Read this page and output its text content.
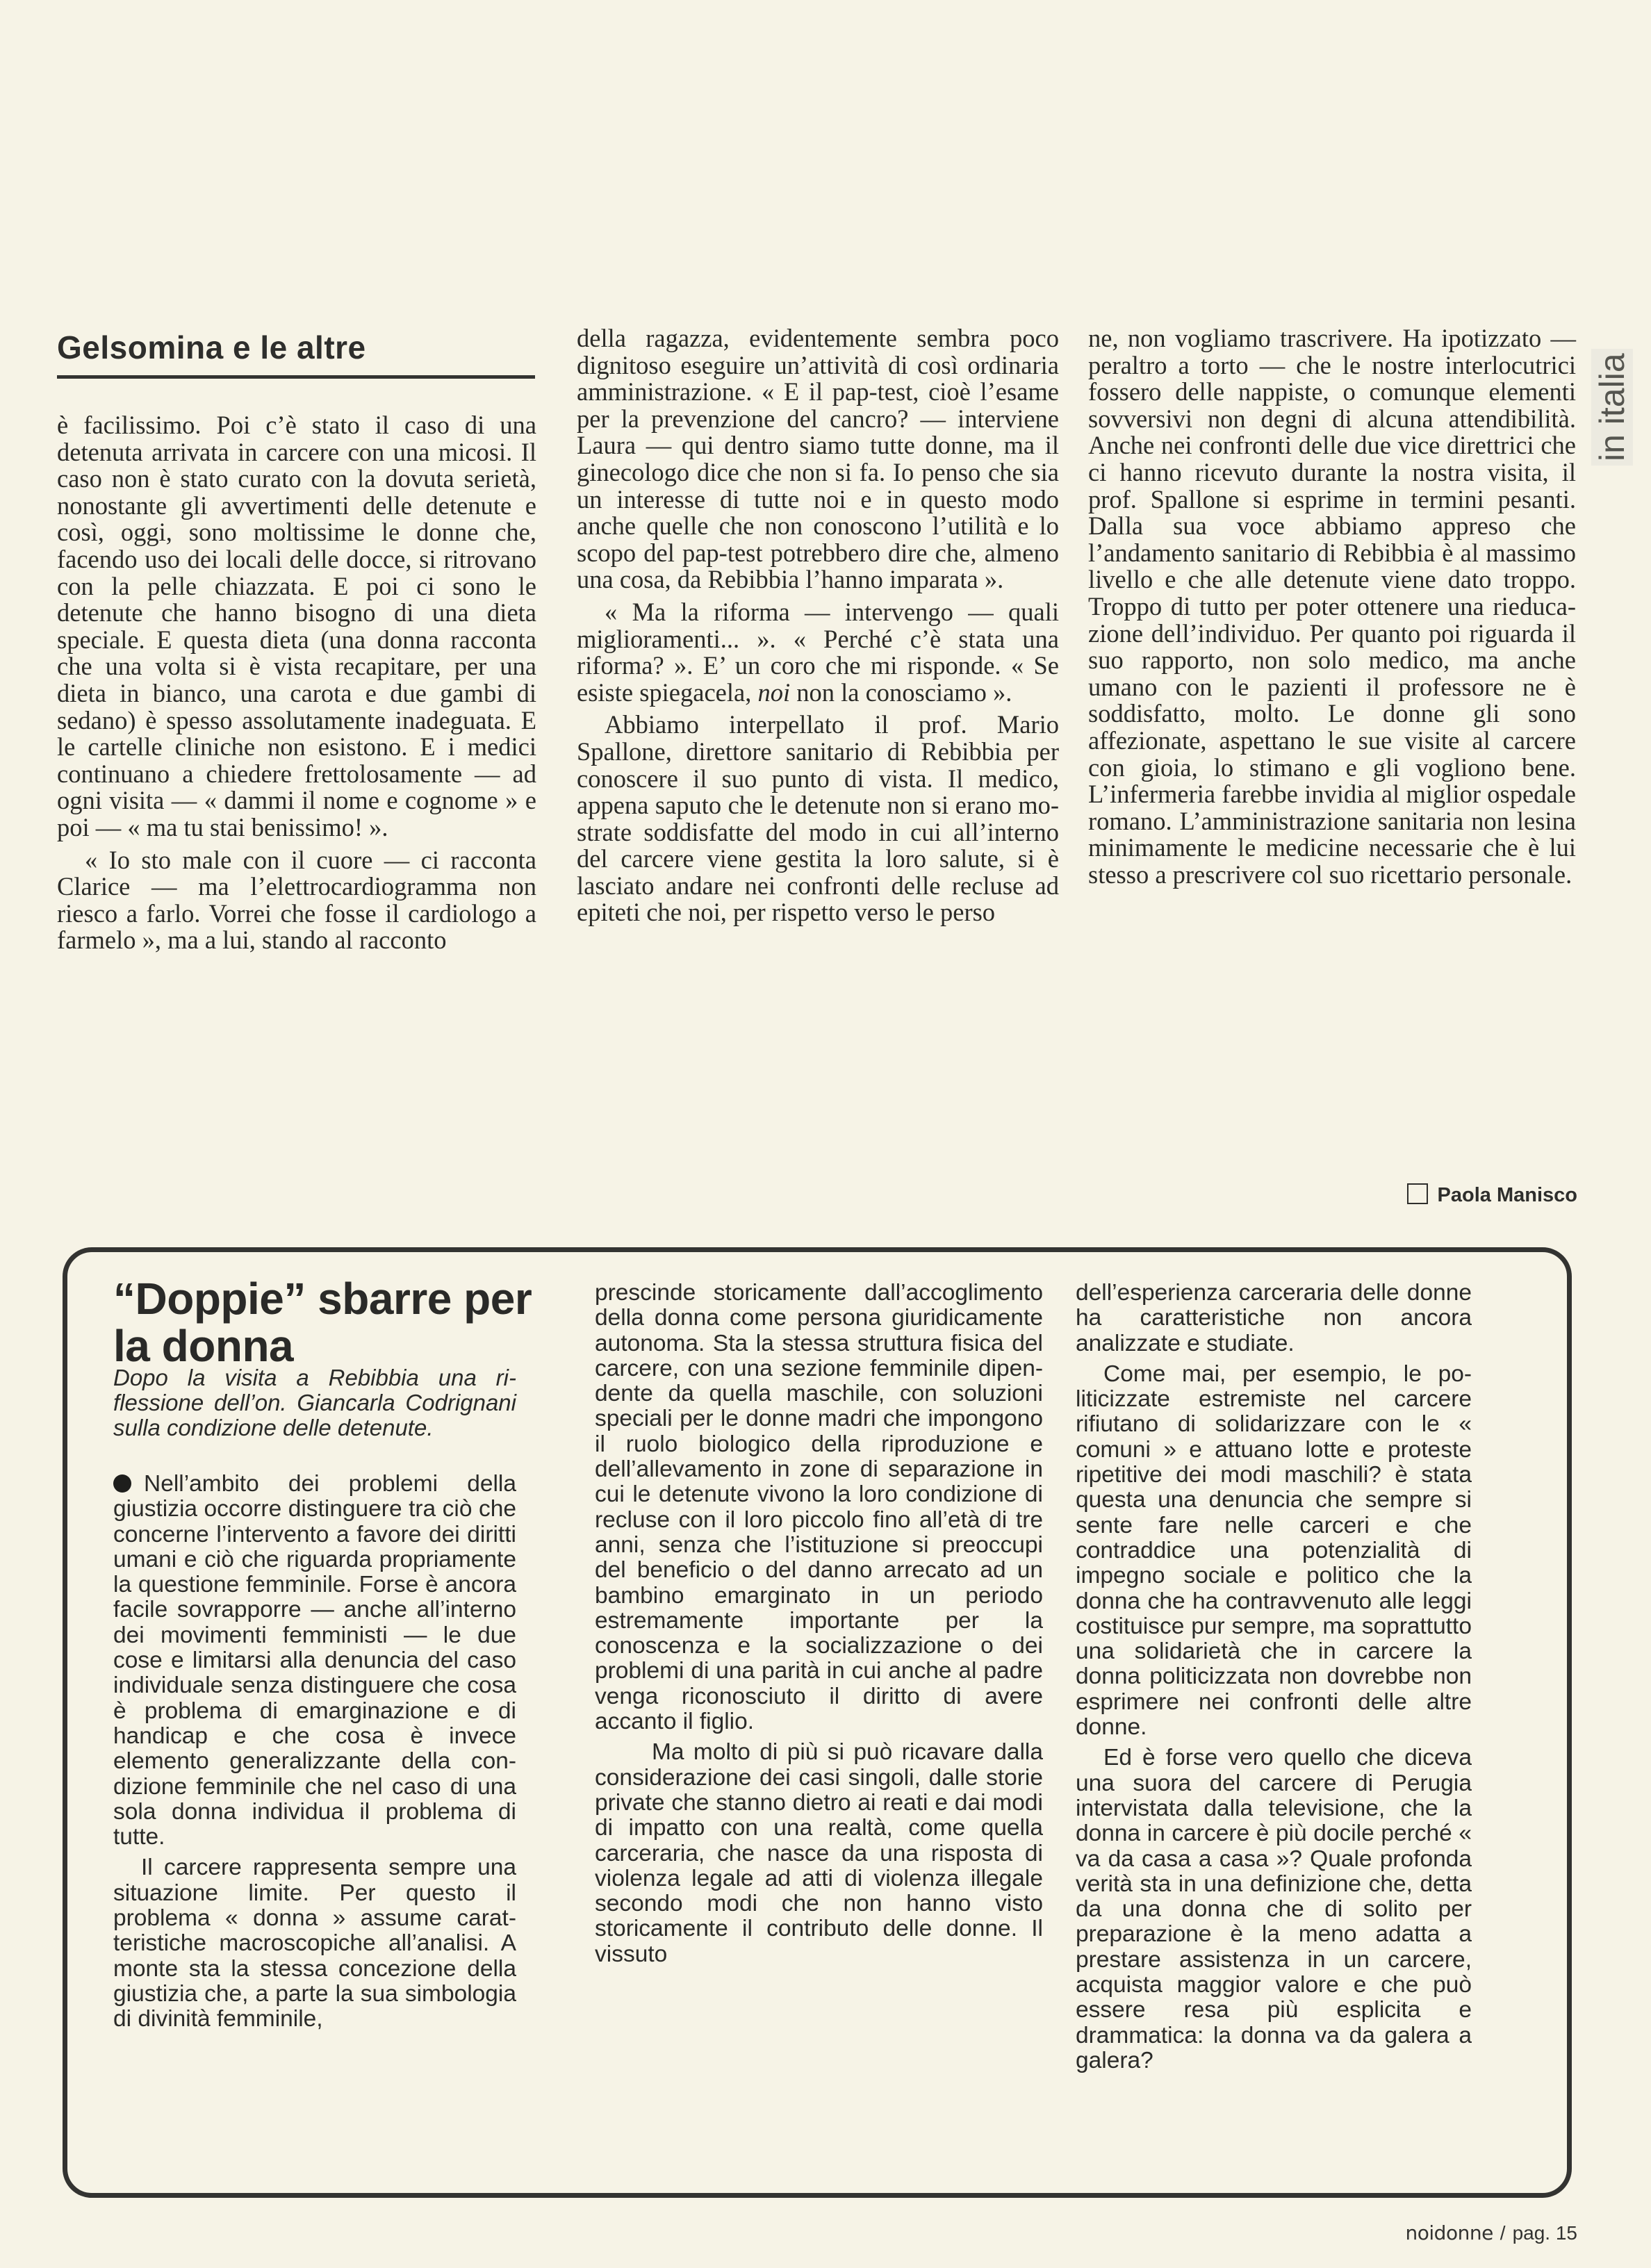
in italia
Gelsomina e le altre

è facilissimo. Poi c’è stato il caso di una detenuta arrivata in carcere con una micosi. Il caso non è stato curato con la dovuta serietà, nonostante gli avvertimenti delle detenute e così, oggi, sono moltissime le donne che, facendo uso dei locali delle docce, si ritrovano con la pelle chiazzata. E poi ci sono le detenute che hanno bisogno di una dieta speciale. E questa dieta (una donna racconta che una volta si è vista recapitare, per una dieta in bianco, una carota e due gambi di sedano) è spesso assolutamente inadeguata. E le cartelle cliniche non esistono. E i medici continuano a chiedere frettolosamente — ad ogni visita — « dammi il nome e cognome » e poi — « ma tu stai benissimo! ».

« Io sto male con il cuore — ci racconta Clarice — ma l’elettrocardiogramma non riesco a farlo. Vorrei che fosse il cardiologo a farmelo », ma a lui, stando al racconto

della ragazza, evidentemente sembra poco dignitoso eseguire un’attività di così ordinaria amministrazione. « E il pap-test, cioè l’esame per la prevenzione del cancro? — interviene Laura — qui dentro siamo tutte donne, ma il ginecologo dice che non si fa. Io penso che sia un interesse di tutte noi e in questo modo anche quelle che non conoscono l’utilità e lo scopo del pap-test potrebbero dire che, almeno una cosa, da Rebibbia l’hanno imparata ».

« Ma la riforma — intervengo — quali miglioramenti... ». « Perché c’è stata una riforma? ». E’ un coro che mi risponde. « Se esiste spiegacela, noi non la conosciamo ».

Abbiamo interpellato il prof. Mario Spallone, direttore sanitario di Rebibbia per conoscere il suo punto di vista. Il medico, appena saputo che le detenute non si erano mostrate soddisfatte del modo in cui all’interno del carcere viene gestita la loro salute, si è lasciato andare nei confronti delle recluse ad epiteti che noi, per rispetto verso le perso

ne, non vogliamo trascrivere. Ha ipotizzato — peraltro a torto — che le nostre interlocutrici fossero delle nappiste, o comunque elementi sovversivi non degni di alcuna attendibilità. Anche nei confronti delle due vice direttrici che ci hanno ricevuto durante la nostra visita, il prof. Spallone si esprime in termini pesanti. Dalla sua voce abbiamo appreso che l’andamento sanitario di Rebibbia è al massimo livello e che alle detenute viene dato troppo. Troppo di tutto per poter ottenere una rieducazione dell’individuo. Per quanto poi riguarda il suo rapporto, non solo medico, ma anche umano con le pazienti il professore ne è soddisfatto, molto. Le donne gli sono affezionate, aspettano le sue visite al carcere con gioia, lo stimano e gli vogliono bene. L’infermeria farebbe invidia al miglior ospedale romano. L’amministrazione sanitaria non lesina minimamente le medicine necessarie che è lui stesso a prescrivere col suo ricettario personale.

Paola Manisco
“Doppie” sbarre per la donna
Dopo la visita a Rebibbia una riflessione dell’on. Giancarla Codrignani sulla condizione delle detenute.

Nell’ambito dei problemi della giustizia occorre distinguere tra ciò che concerne l’intervento a favore dei diritti umani e ciò che riguarda propriamente la questione femminile. Forse è ancora facile sovrapporre — anche all’interno dei movimenti femministi — le due cose e limitarsi alla denuncia del caso individuale senza distinguere che cosa è problema di emarginazione e di handicap e che cosa è invece elemento generalizzante della condizione femminile che nel caso di una sola donna individua il problema di tutte.

Il carcere rappresenta sempre una situazione limite. Per questo il problema « donna » assume caratteristiche macroscopiche all’analisi. A monte sta la stessa concezione della giustizia che, a parte la sua simbologia di divinità femminile,

prescinde storicamente dall’accoglimento della donna come persona giuridicamente autonoma. Sta la stessa struttura fisica del carcere, con una sezione femminile dipendente da quella maschile, con soluzioni speciali per le donne madri che impongono il ruolo biologico della riproduzione e dell’allevamento in zone di separazione in cui le detenute vivono la loro condizione di recluse con il loro piccolo fino all’età di tre anni, senza che l’istituzione si preoccupi del beneficio o del danno arrecato ad un bambino emarginato in un periodo estremamente importante per la conoscenza e la socializzazione o dei problemi di una parità in cui anche al padre venga riconosciuto il diritto di avere accanto il figlio.

Ma molto di più si può ricavare dalla considerazione dei casi singoli, dalle storie private che stanno dietro ai reati e dai modi di impatto con una realtà, come quella carceraria, che nasce da una risposta di violenza legale ad atti di violenza illegale secondo modi che non hanno visto storicamente il contributo delle donne. Il vissuto

dell’esperienza carceraria delle donne ha caratteristiche non ancora analizzate e studiate.

Come mai, per esempio, le politicizzate estremiste nel carcere rifiutano di solidarizzare con le « comuni » e attuano lotte e proteste ripetitive dei modi maschili? è stata questa una denuncia che sempre si sente fare nelle carceri e che contraddice una potenzialità di impegno sociale e politico che la donna che ha contravvenuto alle leggi costituisce pur sempre, ma soprattutto una solidarietà che in carcere la donna politicizzata non dovrebbe non esprimere nei confronti delle altre donne.

Ed è forse vero quello che diceva una suora del carcere di Perugia intervistata dalla televisione, che la donna in carcere è più docile perché « va da casa a casa »? Quale profonda verità sta in una definizione che, detta da una donna che di solito per preparazione è la meno adatta a prestare assistenza in un carcere, acquista maggior valore e che può essere resa più esplicita e drammatica: la donna va da galera a galera?

noidonne / pag. 15
